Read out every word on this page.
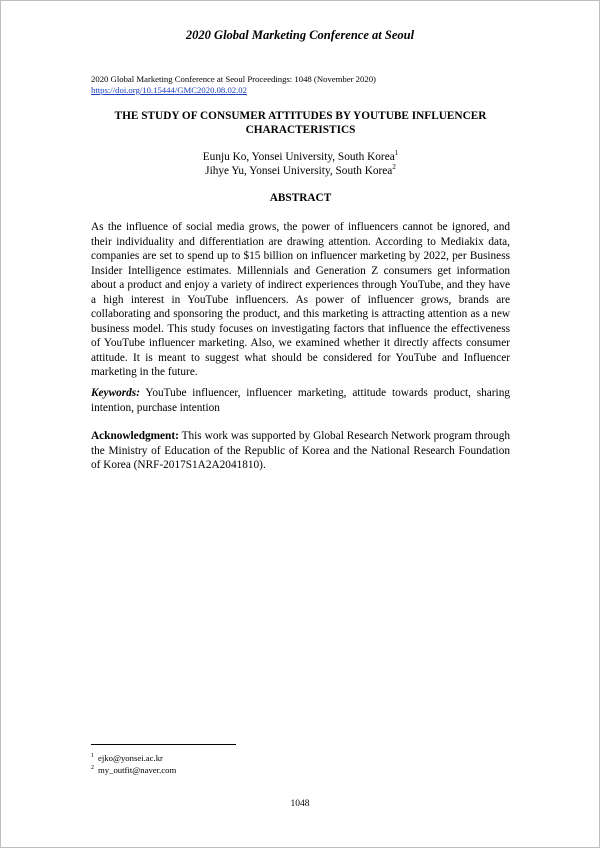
2020 Global Marketing Conference at Seoul
2020 Global Marketing Conference at Seoul Proceedings: 1048 (November 2020)
https://doi.org/10.15444/GMC2020.08.02.02
THE STUDY OF CONSUMER ATTITUDES BY YOUTUBE INFLUENCER
CHARACTERISTICS
Eunju Ko, Yonsei University, South Korea$^1$
Jihye Yu, Yonsei University, South Korea$^2$
ABSTRACT

As the influence of social media grows, the power of influencers cannot be ignored, and their individuality and differentiation are drawing attention. According to Mediakix data, companies are set to spend up to $15 billion on influencer marketing by 2022, per Business Insider Intelligence estimates. Millennials and Generation Z consumers get information about a product and enjoy a variety of indirect experiences through YouTube, and they have a high interest in YouTube influencers. As power of influencer grows, brands are collaborating and sponsoring the product, and this marketing is attracting attention as a new business model. This study focuses on investigating factors that influence the effectiveness of YouTube influencer marketing. Also, we examined whether it directly affects consumer attitude. It is meant to suggest what should be considered for YouTube and Influencer marketing in the future.

Keywords: YouTube influencer, influencer marketing, attitude towards product, sharing intention, purchase intention

Acknowledgment: This work was supported by Global Research Network program through the Ministry of Education of the Republic of Korea and the National Research Foundation of Korea (NRF-2017S1A2A2041810).

$^1$ ejko@yonsei.ac.kr
$^2$ my_outfit@naver.com
1048
